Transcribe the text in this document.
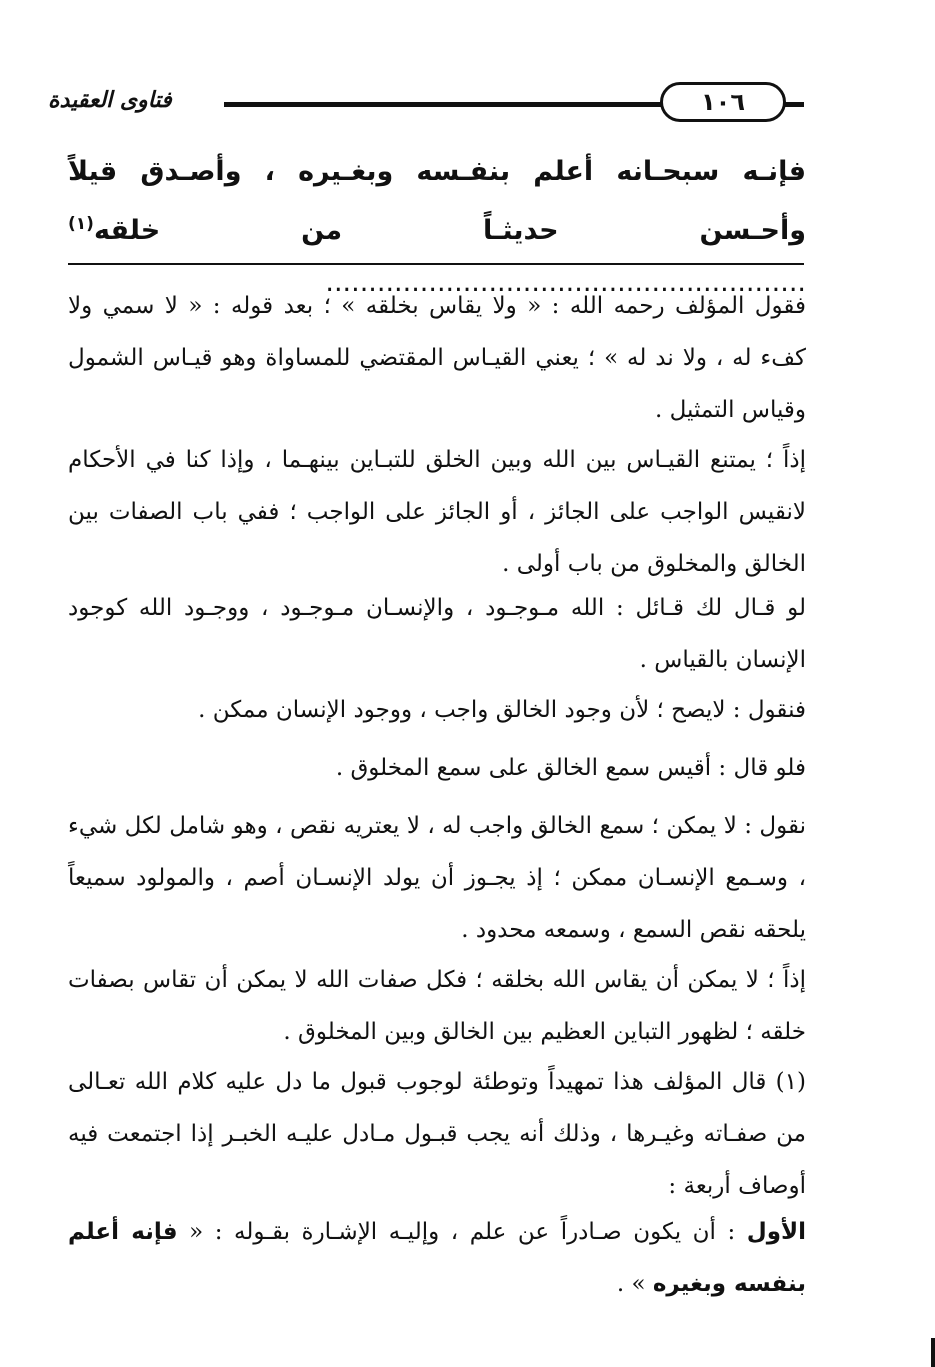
فتاوى العقيدة	١٠٦

فإنـه سبحـانه أعلم بنفـسه وبغـيره ، وأصـدق قيلاً وأحـسن حديثـاً من خلقه$^{(١)}$ ........................................................

فقول المؤلف رحمه الله : « ولا يقاس بخلقه » ؛ بعد قوله : « لا سمي ولا كفء له ، ولا ند له » ؛ يعني القيـاس المقتضي للمساواة وهو قيـاس الشمول وقياس التمثيل .

إذاً ؛ يمتنع القيـاس بين الله وبين الخلق للتبـاين بينهـما ، وإذا كنا في الأحكام لانقيس الواجب على الجائز ، أو الجائز على الواجب ؛ ففي باب الصفات بين الخالق والمخلوق من باب أولى .

لو قـال لك قـائل : الله مـوجـود ، والإنسـان مـوجـود ، ووجـود الله كوجود الإنسان بالقياس .

فنقول : لايصح ؛ لأن وجود الخالق واجب ، ووجود الإنسان ممكن .

فلو قال : أقيس سمع الخالق على سمع المخلوق .

نقول : لا يمكن ؛ سمع الخالق واجب له ، لا يعتريه نقص ، وهو شامل لكل شيء ، وسـمع الإنسـان ممكن ؛ إذ يجـوز أن يولد الإنسـان أصم ، والمولود سميعاً يلحقه نقص السمع ، وسمعه محدود .

إذاً ؛ لا يمكن أن يقاس الله بخلقه ؛ فكل صفات الله لا يمكن أن تقاس بصفات خلقه ؛ لظهور التباين العظيم بين الخالق وبين المخلوق .

(١) قال المؤلف هذا تمهيداً وتوطئة لوجوب قبول ما دل عليه كلام الله تعـالى من صفـاته وغيـرها ، وذلك أنه يجب قبـول مـادل عليـه الخبـر إذا اجتمعت فيه أوصاف أربعة :

الأول : أن يكون صـادراً عن علم ، وإليـه الإشـارة بقـوله : « فإنه أعلم بنفسه وبغيره » .
